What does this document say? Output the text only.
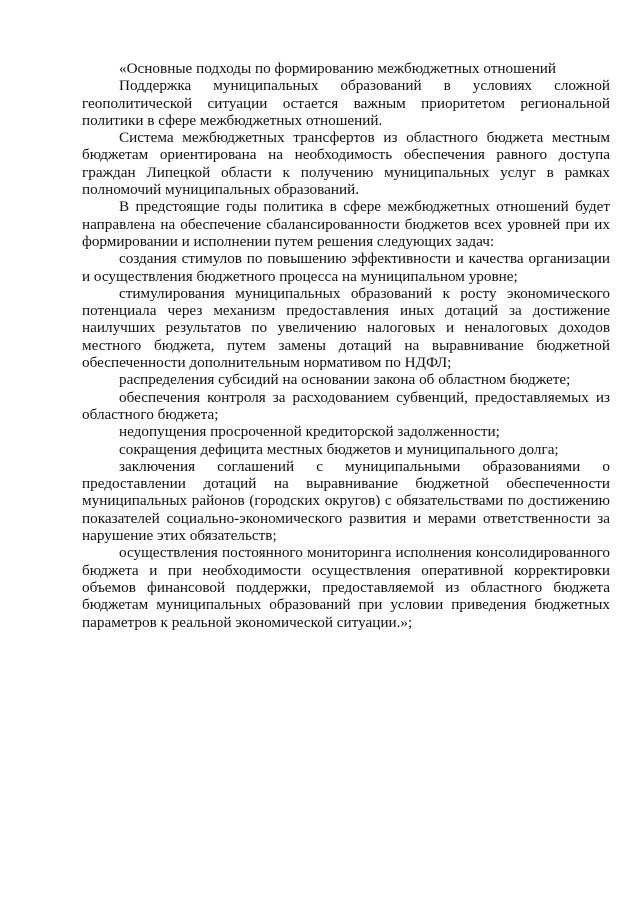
«Основные подходы по формированию межбюджетных отношений

Поддержка муниципальных образований в условиях сложной геополитической ситуации остается важным приоритетом региональной политики в сфере межбюджетных отношений.

Система межбюджетных трансфертов из областного бюджета местным бюджетам ориентирована на необходимость обеспечения равного доступа граждан Липецкой области к получению муниципальных услуг в рамках полномочий муниципальных образований.

В предстоящие годы политика в сфере межбюджетных отношений будет направлена на обеспечение сбалансированности бюджетов всех уровней при их формировании и исполнении путем решения следующих задач:

создания стимулов по повышению эффективности и качества организации и осуществления бюджетного процесса на муниципальном уровне;

стимулирования муниципальных образований к росту экономического потенциала через механизм предоставления иных дотаций за достижение наилучших результатов по увеличению налоговых и неналоговых доходов местного бюджета, путем замены дотаций на выравнивание бюджетной обеспеченности дополнительным нормативом по НДФЛ;

распределения субсидий на основании закона об областном бюджете;

обеспечения контроля за расходованием субвенций, предоставляемых из областного бюджета;

недопущения просроченной кредиторской задолженности;

сокращения дефицита местных бюджетов и муниципального долга;

заключения соглашений с муниципальными образованиями о предоставлении дотаций на выравнивание бюджетной обеспеченности муниципальных районов (городских округов) с обязательствами по достижению показателей социально-экономического развития и мерами ответственности за нарушение этих обязательств;

осуществления постоянного мониторинга исполнения консолидированного бюджета и при необходимости осуществления оперативной корректировки объемов финансовой поддержки, предоставляемой из областного бюджета бюджетам муниципальных образований при условии приведения бюджетных параметров к реальной экономической ситуации.»;
